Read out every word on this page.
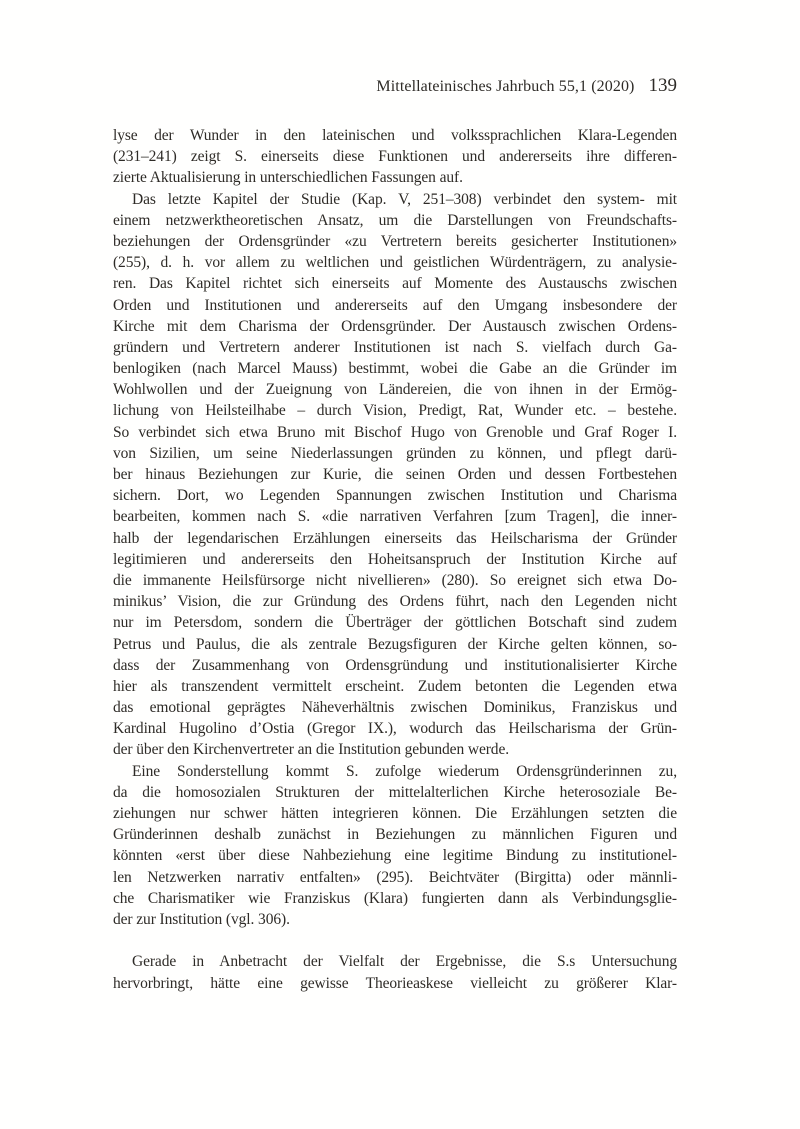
Mittellateinisches Jahrbuch 55,1 (2020) 139
lyse der Wunder in den lateinischen und volkssprachlichen Klara-Legenden
(231–241) zeigt S. einerseits diese Funktionen und andererseits ihre differen-
zierte Aktualisierung in unterschiedlichen Fassungen auf.
Das letzte Kapitel der Studie (Kap. V, 251–308) verbindet den system- mit
einem netzwerktheoretischen Ansatz, um die Darstellungen von Freundschafts-
beziehungen der Ordensgründer «zu Vertretern bereits gesicherter Institutionen»
(255), d. h. vor allem zu weltlichen und geistlichen Würdenträgern, zu analysie-
ren. Das Kapitel richtet sich einerseits auf Momente des Austauschs zwischen
Orden und Institutionen und andererseits auf den Umgang insbesondere der
Kirche mit dem Charisma der Ordensgründer. Der Austausch zwischen Ordens-
gründern und Vertretern anderer Institutionen ist nach S. vielfach durch Ga-
benlogiken (nach Marcel Mauss) bestimmt, wobei die Gabe an die Gründer im
Wohlwollen und der Zueignung von Ländereien, die von ihnen in der Ermög-
lichung von Heilsteilhabe – durch Vision, Predigt, Rat, Wunder etc. – bestehe.
So verbindet sich etwa Bruno mit Bischof Hugo von Grenoble und Graf Roger I.
von Sizilien, um seine Niederlassungen gründen zu können, und pflegt darü-
ber hinaus Beziehungen zur Kurie, die seinen Orden und dessen Fortbestehen
sichern. Dort, wo Legenden Spannungen zwischen Institution und Charisma
bearbeiten, kommen nach S. «die narrativen Verfahren [zum Tragen], die inner-
halb der legendarischen Erzählungen einerseits das Heilscharisma der Gründer
legitimieren und andererseits den Hoheitsanspruch der Institution Kirche auf
die immanente Heilsfürsorge nicht nivellieren» (280). So ereignet sich etwa Do-
minikus’ Vision, die zur Gründung des Ordens führt, nach den Legenden nicht
nur im Petersdom, sondern die Überträger der göttlichen Botschaft sind zudem
Petrus und Paulus, die als zentrale Bezugsfiguren der Kirche gelten können, so-
dass der Zusammenhang von Ordensgründung und institutionalisierter Kirche
hier als transzendent vermittelt erscheint. Zudem betonten die Legenden etwa
das emotional geprägtes Näheverhältnis zwischen Dominikus, Franziskus und
Kardinal Hugolino d’Ostia (Gregor IX.), wodurch das Heilscharisma der Grün-
der über den Kirchenvertreter an die Institution gebunden werde.
Eine Sonderstellung kommt S. zufolge wiederum Ordensgründerinnen zu,
da die homosozialen Strukturen der mittelalterlichen Kirche heterosoziale Be-
ziehungen nur schwer hätten integrieren können. Die Erzählungen setzten die
Gründerinnen deshalb zunächst in Beziehungen zu männlichen Figuren und
könnten «erst über diese Nahbeziehung eine legitime Bindung zu institutionel-
len Netzwerken narrativ entfalten» (295). Beichtväter (Birgitta) oder männli-
che Charismatiker wie Franziskus (Klara) fungierten dann als Verbindungsglie-
der zur Institution (vgl. 306).
Gerade in Anbetracht der Vielfalt der Ergebnisse, die S.s Untersuchung
hervorbringt, hätte eine gewisse Theorieaskese vielleicht zu größerer Klar-
